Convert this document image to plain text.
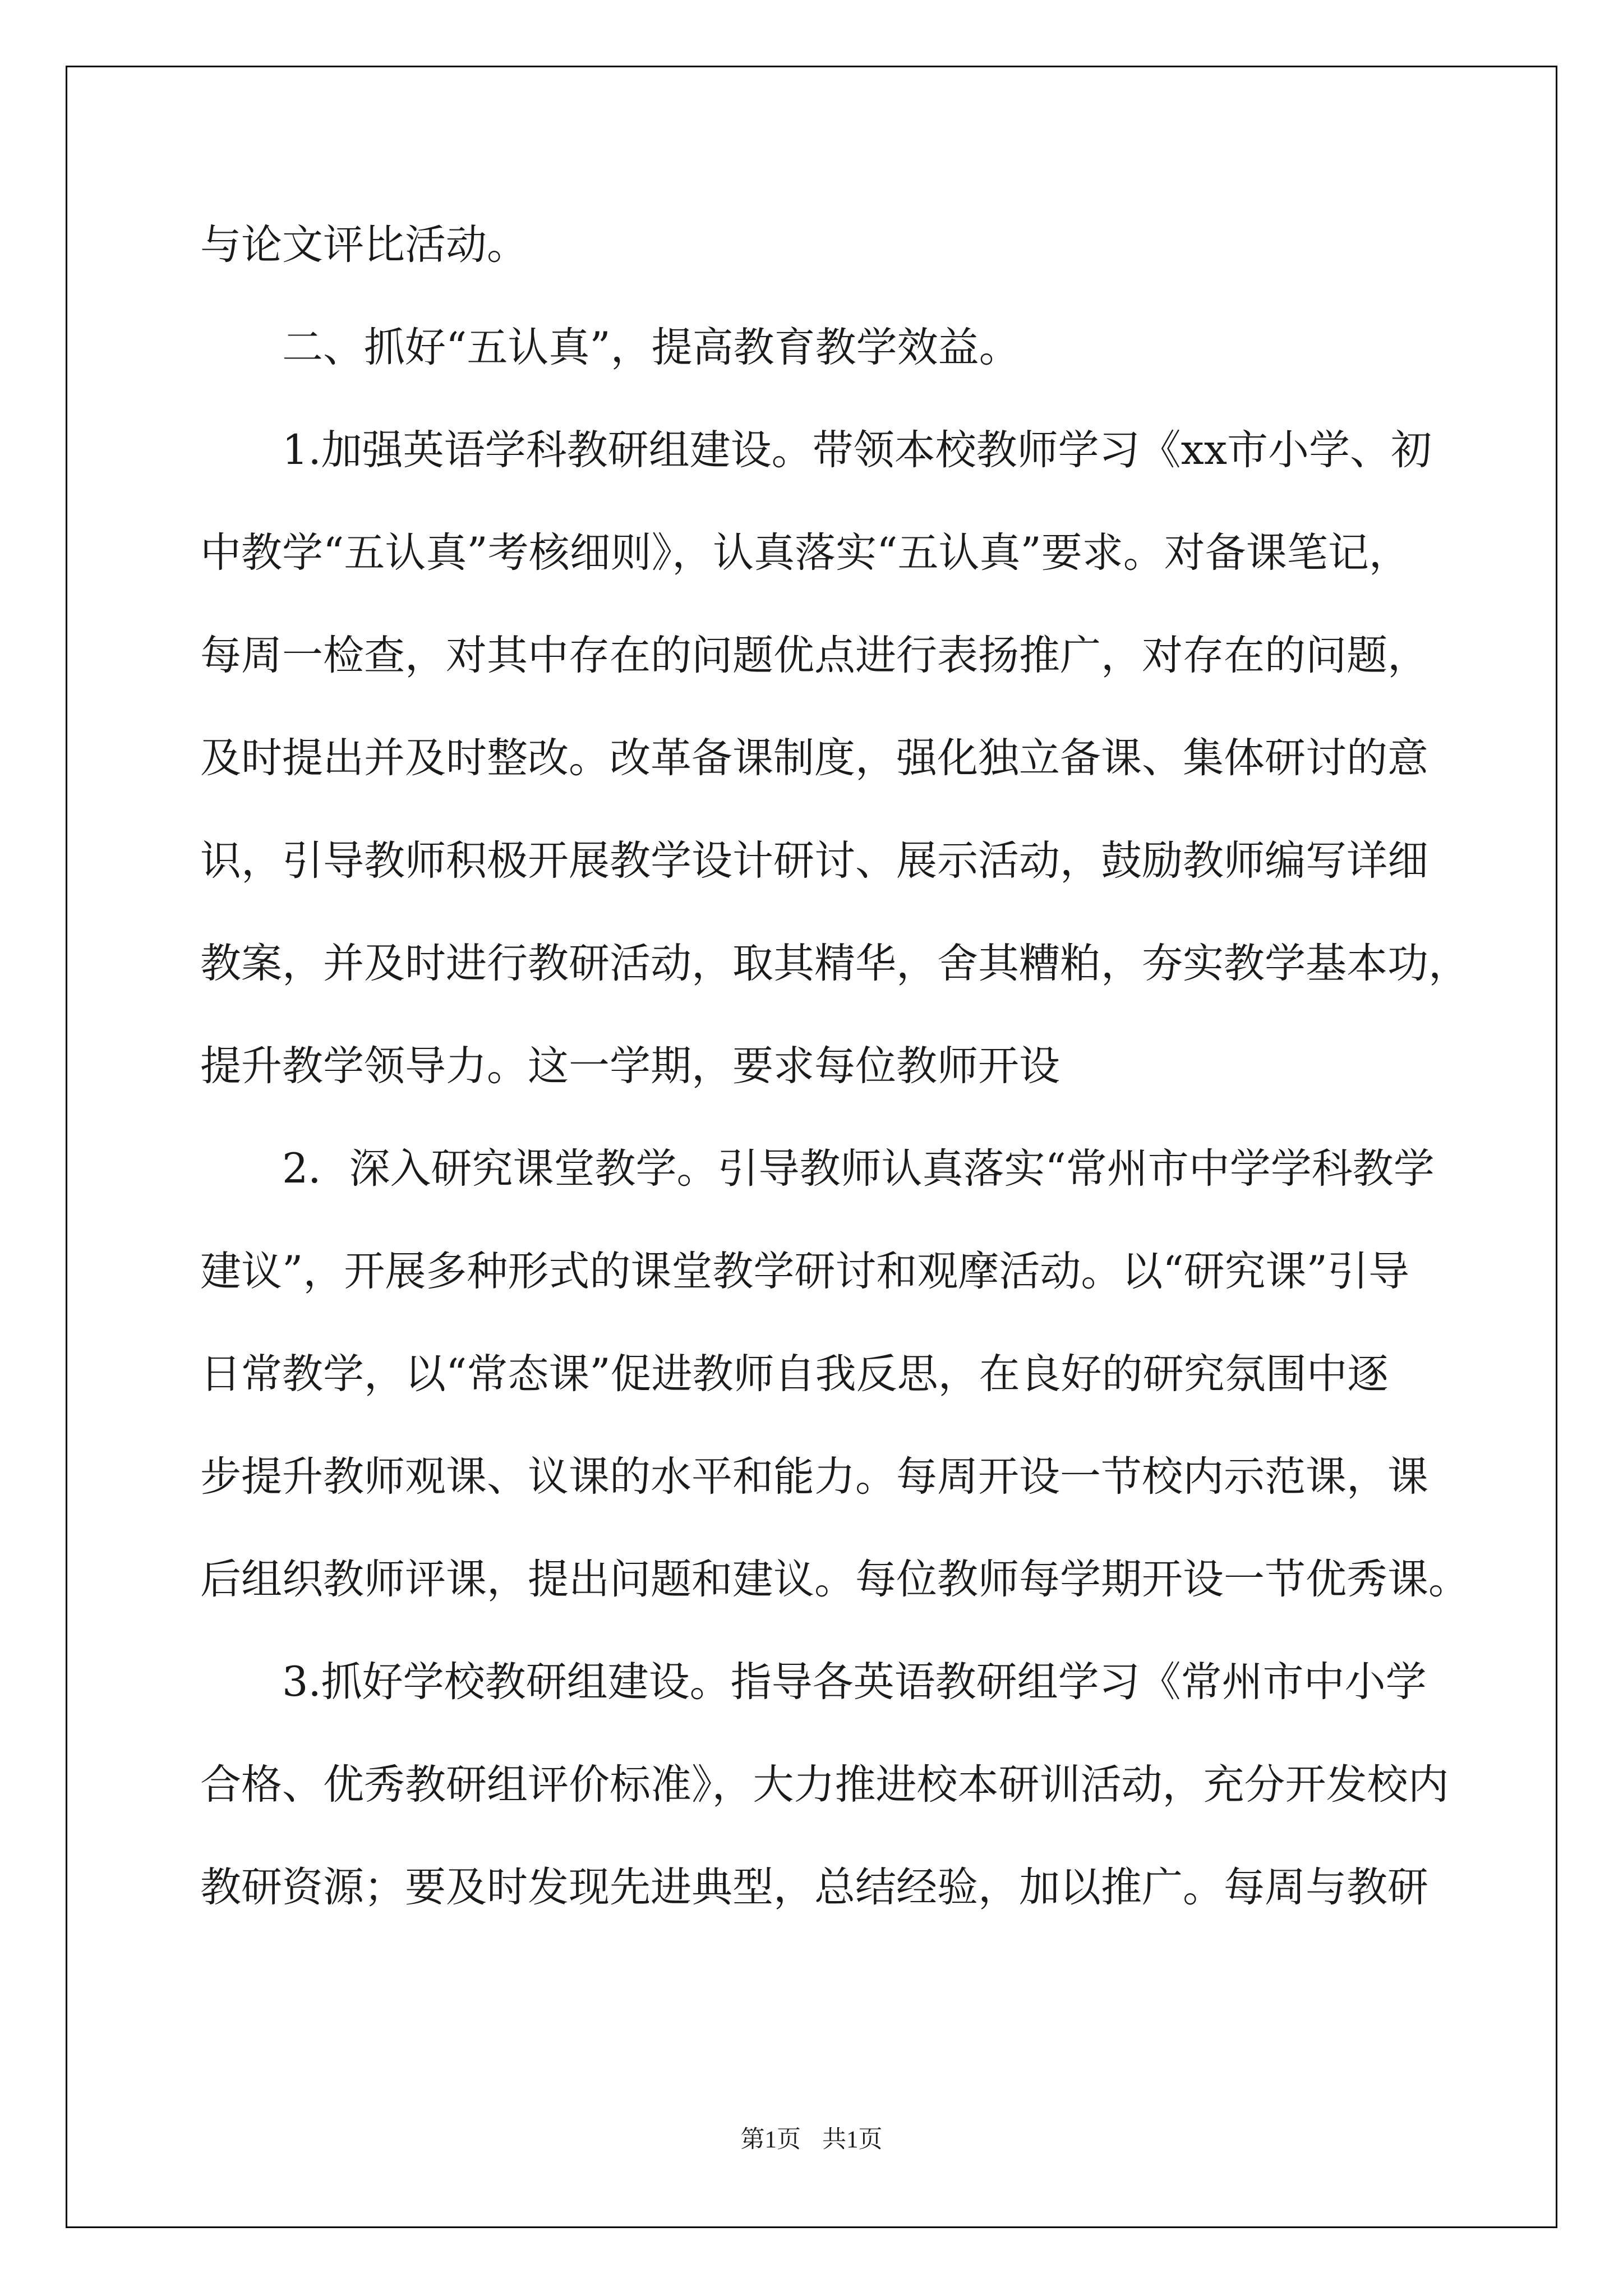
与论文评比活动。
　　二、抓好“五认真”，提高教育教学效益。
　　1.加强英语学科教研组建设。带领本校教师学习《xx市小学、初
中教学“五认真”考核细则》，认真落实“五认真”要求。对备课笔记，
每周一检查，对其中存在的问题优点进行表扬推广，对存在的问题，
及时提出并及时整改。改革备课制度，强化独立备课、集体研讨的意
识，引导教师积极开展教学设计研讨、展示活动，鼓励教师编写详细
教案，并及时进行教研活动，取其精华，舍其糟粕，夯实教学基本功，
提升教学领导力。这一学期，要求每位教师开设
　　2．深入研究课堂教学。引导教师认真落实“常州市中学学科教学
建议”，开展多种形式的课堂教学研讨和观摩活动。以“研究课”引导
日常教学，以“常态课”促进教师自我反思，在良好的研究氛围中逐
步提升教师观课、议课的水平和能力。每周开设一节校内示范课，课
后组织教师评课，提出问题和建议。每位教师每学期开设一节优秀课。
　　3.抓好学校教研组建设。指导各英语教研组学习《常州市中小学
合格、优秀教研组评价标准》，大力推进校本研训活动，充分开发校内
教研资源；要及时发现先进典型，总结经验，加以推广。每周与教研
第1页 共1页
